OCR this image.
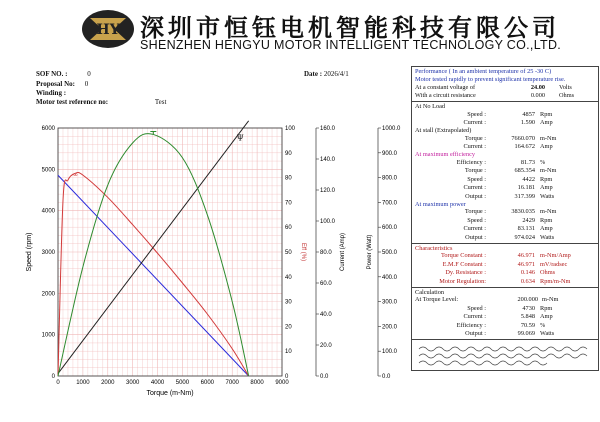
HY 深圳市恒钰电机智能科技有限公司
SHENZHEN HENGYU MOTOR INTELLIGENT TECHNOLOGY CO.,LTD.
SOF NO. :	0
Proposal No: 0
Winding :
Motor test reference no:	Test
Date : 2026/4/1
0	1000 2000 3000 4000 5000 6000 7000 8000 9000
Torque (m-Nm)
0
1000
2000
3000
4000
5000
6000
Speed (rpm)
0
10
20
30
40
50
60
70
80
90
100
Eff (%)
0.0
20.0
40.0
60.0
80.0
100.0
120.0
140.0
160.0
Current (Amp)
0.0
100.0
200.0
300.0
400.0
500.0
600.0
700.0
800.0
900.0
1000.0
Power (Watt)
∞
Ψ
Performance ( In an ambient temperature of 25 -30 C)
Motor tested rapidly to prevent significant temperature rise.
At a constant voltage of	24.00	Volts
With a circuit resistance	0.000	Ohms
At No Load
Speed :	4857 Rpm
Current :	1.590 Amp
At stall (Extrapolated)
Torque :	7660.070 m-Nm
Current :	164.672 Amp
At maximum efficiency
Efficiency :	81.73 %
Torque :	685.354 m-Nm
Speed :	4422 Rpm
Current :	16.181 Amp
Output :	317.399 Watts
At maximum power
Torque :	3830.035 m-Nm
Speed :	2429 Rpm
Current :	83.131 Amp
Output :	974.024 Watts
Characteristics
Torque Constant :	46.971 m-Nm/Amp
E.M.F Constant :	46.971 mV/radsec
Dy. Resistance :	0.146 Ohms
Motor Regulation:	0.634 Rpm/m-Nm
Calculation
At Torque Level:	200.000 m-Nm
Speed :	4730 Rpm
Current :	5.848 Amp
Efficiency :	70.59 %
Output :	99.069 Watts
